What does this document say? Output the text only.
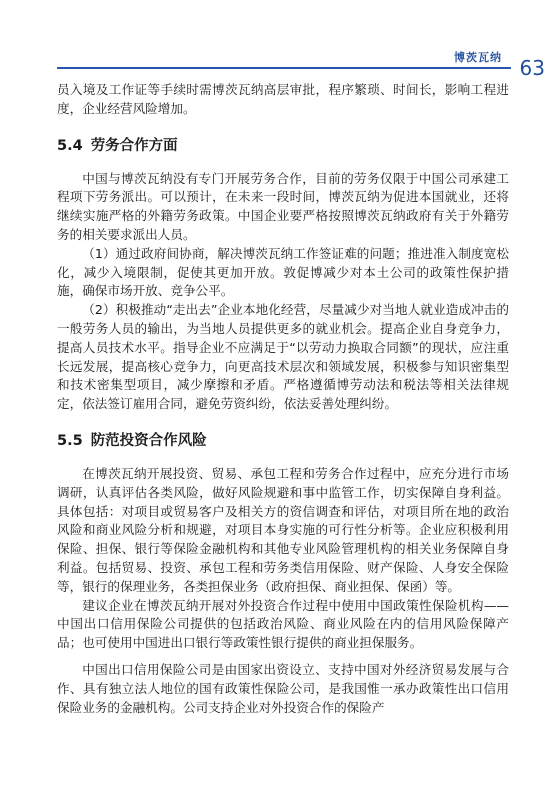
博茨瓦纳 63

员入境及工作证等手续时需博茨瓦纳高层审批，程序繁琐、时间长，影响工程进度，企业经营风险增加。

5.4 劳务合作方面

中国与博茨瓦纳没有专门开展劳务合作，目前的劳务仅限于中国公司承建工程项下劳务派出。可以预计，在未来一段时间，博茨瓦纳为促进本国就业，还将继续实施严格的外籍劳务政策。中国企业要严格按照博茨瓦纳政府有关于外籍劳务的相关要求派出人员。

（1）通过政府间协商，解决博茨瓦纳工作签证难的问题；推进准入制度宽松化，减少入境限制，促使其更加开放。敦促博减少对本土公司的政策性保护措施，确保市场开放、竞争公平。

（2）积极推动“走出去”企业本地化经营，尽量减少对当地人就业造成冲击的一般劳务人员的输出，为当地人员提供更多的就业机会。提高企业自身竞争力，提高人员技术水平。指导企业不应满足于“以劳动力换取合同额”的现状，应注重长远发展，提高核心竞争力，向更高技术层次和领域发展，积极参与知识密集型和技术密集型项目，减少摩擦和矛盾。严格遵循博劳动法和税法等相关法律规定，依法签订雇用合同，避免劳资纠纷，依法妥善处理纠纷。

5.5 防范投资合作风险

在博茨瓦纳开展投资、贸易、承包工程和劳务合作过程中，应充分进行市场调研，认真评估各类风险，做好风险规避和事中监管工作，切实保障自身利益。具体包括：对项目或贸易客户及相关方的资信调查和评估，对项目所在地的政治风险和商业风险分析和规避，对项目本身实施的可行性分析等。企业应积极利用保险、担保、银行等保险金融机构和其他专业风险管理机构的相关业务保障自身利益。包括贸易、投资、承包工程和劳务类信用保险、财产保险、人身安全保险等，银行的保理业务，各类担保业务（政府担保、商业担保、保函）等。

建议企业在博茨瓦纳开展对外投资合作过程中使用中国政策性保险机构——中国出口信用保险公司提供的包括政治风险、商业风险在内的信用风险保障产品；也可使用中国进出口银行等政策性银行提供的商业担保服务。

中国出口信用保险公司是由国家出资设立、支持中国对外经济贸易发展与合作、具有独立法人地位的国有政策性保险公司，是我国惟一承办政策性出口信用保险业务的金融机构。公司支持企业对外投资合作的保险产
